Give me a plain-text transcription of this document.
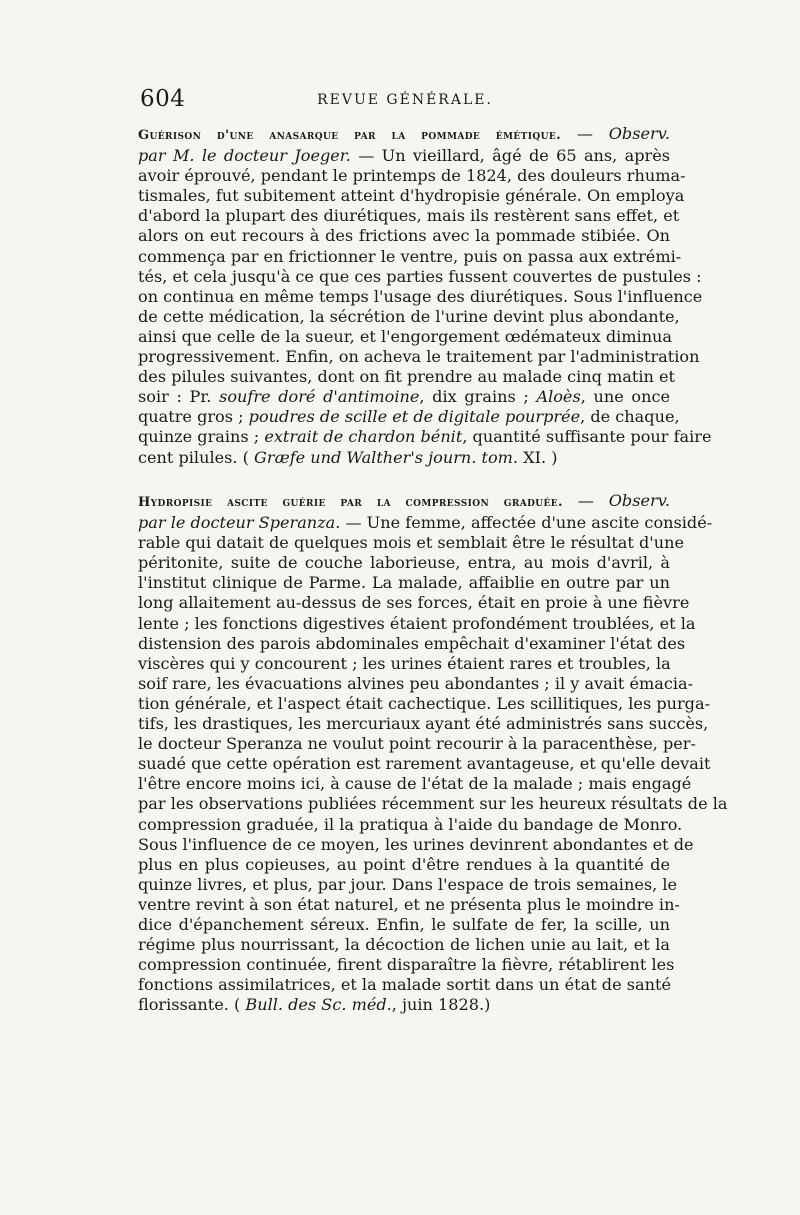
604	REVUE GÉNÉRALE.
Guérison d'une anasarque par la pommade émétique. — Observ.
par M. le docteur Joeger. — Un vieillard, âgé de 65 ans, après
avoir éprouvé, pendant le printemps de 1824, des douleurs rhuma-
tismales, fut subitement atteint d'hydropisie générale. On employa
d'abord la plupart des diurétiques, mais ils restèrent sans effet, et
alors on eut recours à des frictions avec la pommade stibiée. On
commença par en frictionner le ventre, puis on passa aux extrémi-
tés, et cela jusqu'à ce que ces parties fussent couvertes de pustules :
on continua en même temps l'usage des diurétiques. Sous l'influence
de cette médication, la sécrétion de l'urine devint plus abondante,
ainsi que celle de la sueur, et l'engorgement œdémateux diminua
progressivement. Enfin, on acheva le traitement par l'administration
des pilules suivantes, dont on fit prendre au malade cinq matin et
soir : Pr. soufre doré d'antimoine, dix grains ; Aloès, une once
quatre gros ; poudres de scille et de digitale pourprée, de chaque,
quinze grains ; extrait de chardon bénit, quantité suffisante pour faire
cent pilules. ( Græfe und Walther's journ. tom. XI. )
Hydropisie ascite guérie par la compression graduée. — Observ.
par le docteur Speranza. — Une femme, affectée d'une ascite considé-
rable qui datait de quelques mois et semblait être le résultat d'une
péritonite, suite de couche laborieuse, entra, au mois d'avril, à
l'institut clinique de Parme. La malade, affaiblie en outre par un
long allaitement au-dessus de ses forces, était en proie à une fièvre
lente ; les fonctions digestives étaient profondément troublées, et la
distension des parois abdominales empêchait d'examiner l'état des
viscères qui y concourent ; les urines étaient rares et troubles, la
soif rare, les évacuations alvines peu abondantes ; il y avait émacia-
tion générale, et l'aspect était cachectique. Les scillitiques, les purga-
tifs, les drastiques, les mercuriaux ayant été administrés sans succès,
le docteur Speranza ne voulut point recourir à la paracenthèse, per-
suadé que cette opération est rarement avantageuse, et qu'elle devait
l'être encore moins ici, à cause de l'état de la malade ; mais engagé
par les observations publiées récemment sur les heureux résultats de la
compression graduée, il la pratiqua à l'aide du bandage de Monro.
Sous l'influence de ce moyen, les urines devinrent abondantes et de
plus en plus copieuses, au point d'être rendues à la quantité de
quinze livres, et plus, par jour. Dans l'espace de trois semaines, le
ventre revint à son état naturel, et ne présenta plus le moindre in-
dice d'épanchement séreux. Enfin, le sulfate de fer, la scille, un
régime plus nourrissant, la décoction de lichen unie au lait, et la
compression continuée, firent disparaître la fièvre, rétablirent les
fonctions assimilatrices, et la malade sortit dans un état de santé
florissante. ( Bull. des Sc. méd., juin 1828.)
